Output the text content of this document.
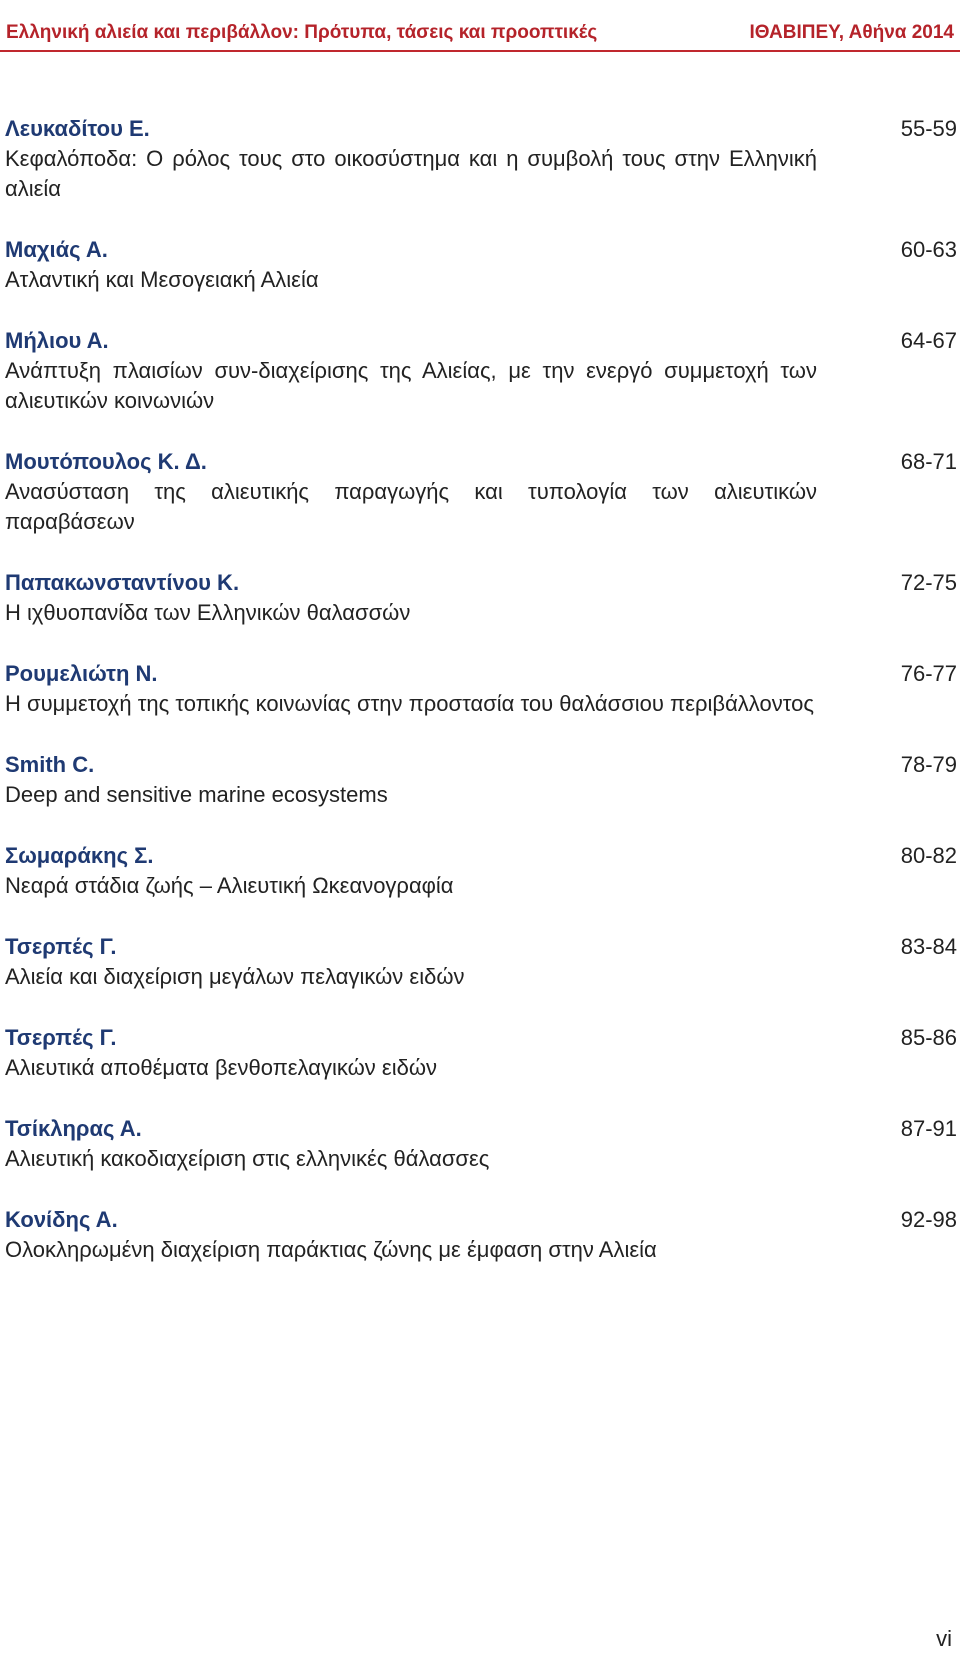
Ελληνική αλιεία και περιβάλλον: Πρότυπα, τάσεις και προοπτικές	ΙΘΑΒΙΠΕΥ, Αθήνα 2014
Λευκαδίτου Ε.	55-59
Κεφαλόποδα: Ο ρόλος τους στο οικοσύστημα και η συμβολή τους στην Ελληνική αλιεία
Μαχιάς Α.	60-63
Ατλαντική και Μεσογειακή Αλιεία
Μήλιου Α.	64-67
Ανάπτυξη πλαισίων συν-διαχείρισης της Αλιείας, με την ενεργό συμμετοχή των αλιευτικών κοινωνιών
Μουτόπουλος Κ. Δ.	68-71
Ανασύσταση της αλιευτικής παραγωγής και τυπολογία των αλιευτικών παραβάσεων
Παπακωνσταντίνου Κ.	72-75
Η ιχθυοπανίδα των Ελληνικών θαλασσών
Ρουμελιώτη Ν.	76-77
Η συμμετοχή της τοπικής κοινωνίας στην προστασία του θαλάσσιου περιβάλλοντος
Smith C.	78-79
Deep and sensitive marine ecosystems
Σωμαράκης Σ.	80-82
Νεαρά στάδια ζωής – Αλιευτική Ωκεανογραφία
Τσερπές Γ.	83-84
Αλιεία και διαχείριση μεγάλων πελαγικών ειδών
Τσερπές Γ.	85-86
Αλιευτικά αποθέματα βενθοπελαγικών ειδών
Τσίκληρας Α.	87-91
Αλιευτική κακοδιαχείριση στις ελληνικές θάλασσες
Κονίδης Α.	92-98
Ολοκληρωμένη διαχείριση παράκτιας ζώνης με έμφαση στην Αλιεία
vi
